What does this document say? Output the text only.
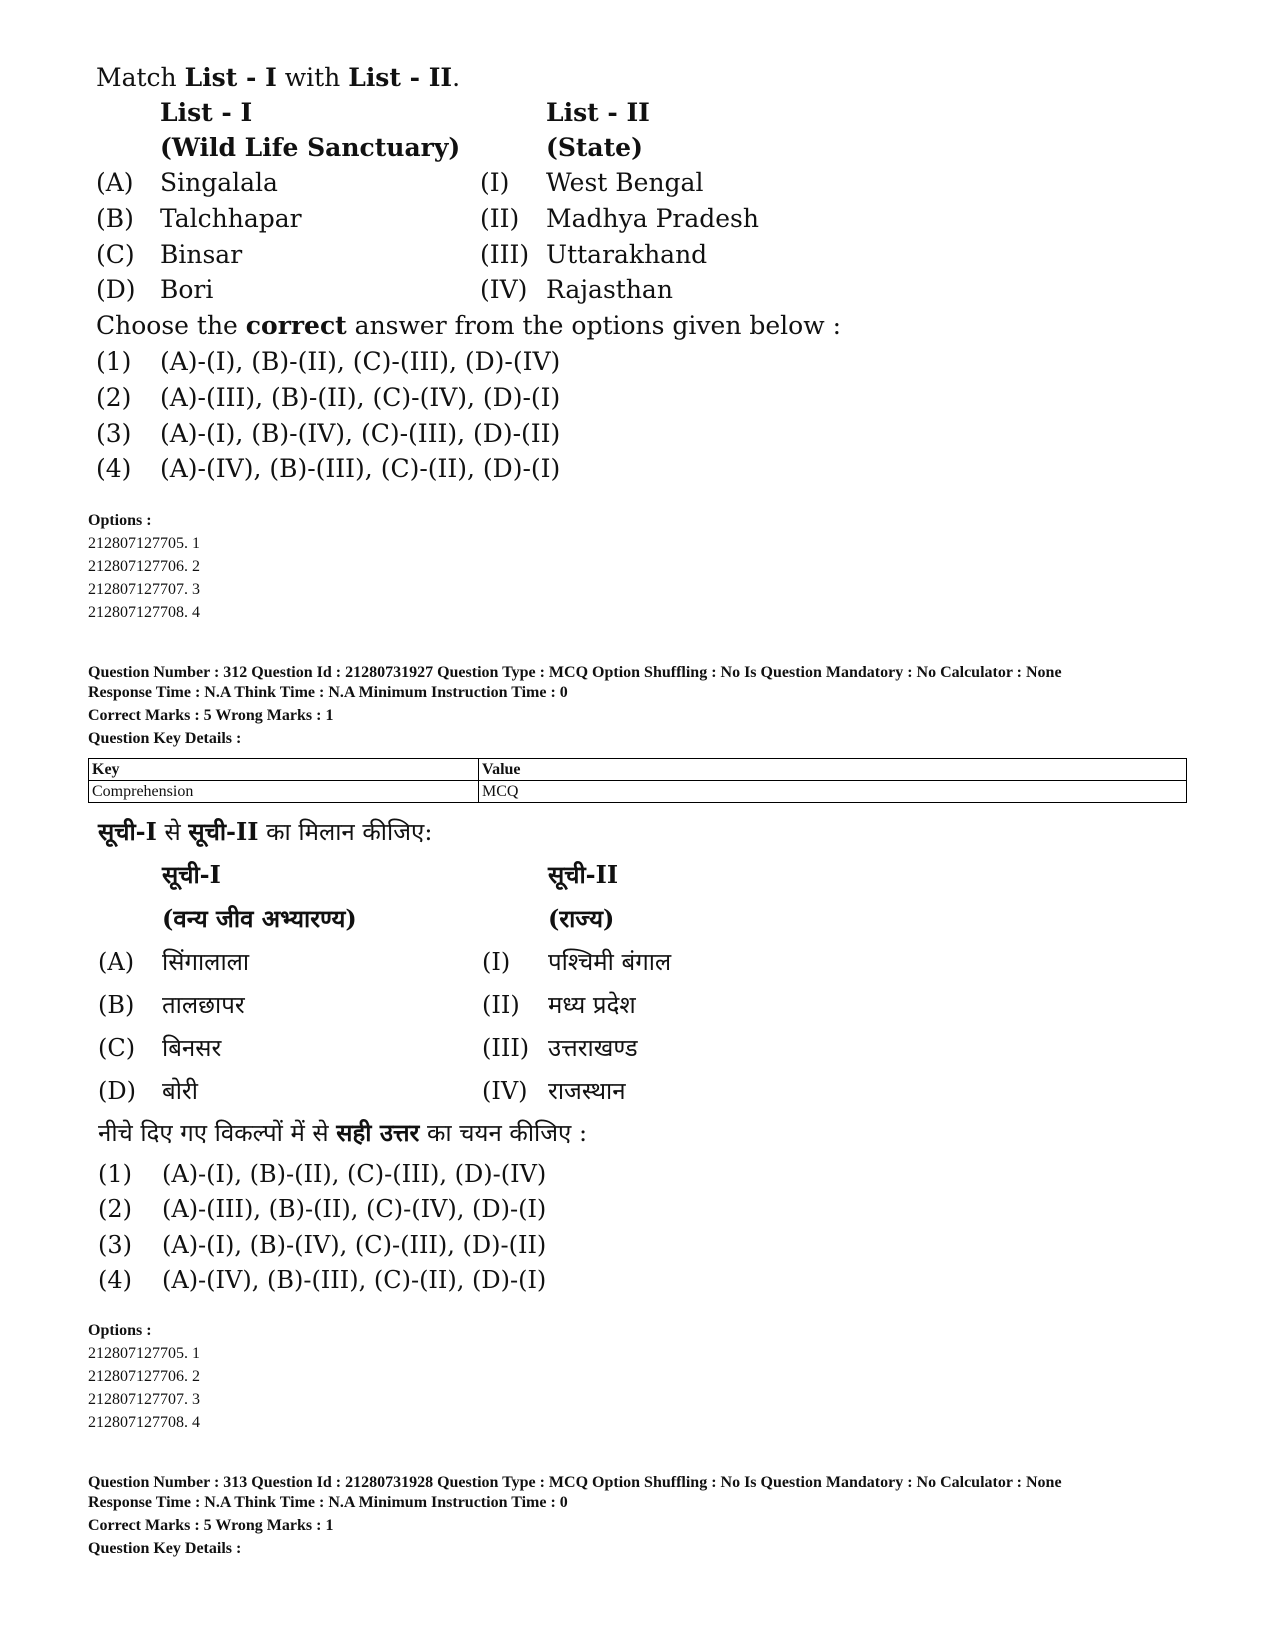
Match List - I with List - II.
List - I	List - II
(Wild Life Sanctuary)	(State)
(A) Singalala	(I) West Bengal
(B) Talchhapar	(II) Madhya Pradesh
(C) Binsar	(III) Uttarakhand
(D) Bori	(IV) Rajasthan
Choose the correct answer from the options given below :
(1) (A)-(I), (B)-(II), (C)-(III), (D)-(IV)
(2) (A)-(III), (B)-(II), (C)-(IV), (D)-(I)
(3) (A)-(I), (B)-(IV), (C)-(III), (D)-(II)
(4) (A)-(IV), (B)-(III), (C)-(II), (D)-(I)
Options :
212807127705. 1
212807127706. 2
212807127707. 3
212807127708. 4
Question Number : 312 Question Id : 21280731927 Question Type : MCQ Option Shuffling : No Is Question Mandatory : No Calculator : None
Response Time : N.A Think Time : N.A Minimum Instruction Time : 0
Correct Marks : 5 Wrong Marks : 1
Question Key Details :
Key	Value
Comprehension	MCQ
सूची-I से सूची-II का मिलान कीजिए:
सूची-I	सूची-II
(वन्य जीव अभ्यारण्य)	(राज्य)
(A) सिंगालाला	(I) पश्चिमी बंगाल
(B) तालछापर	(II) मध्य प्रदेश
(C) बिनसर	(III) उत्तराखण्ड
(D) बोरी	(IV) राजस्थान
नीचे दिए गए विकल्पों में से सही उत्तर का चयन कीजिए :
(1) (A)-(I), (B)-(II), (C)-(III), (D)-(IV)
(2) (A)-(III), (B)-(II), (C)-(IV), (D)-(I)
(3) (A)-(I), (B)-(IV), (C)-(III), (D)-(II)
(4) (A)-(IV), (B)-(III), (C)-(II), (D)-(I)
Options :
212807127705. 1
212807127706. 2
212807127707. 3
212807127708. 4
Question Number : 313 Question Id : 21280731928 Question Type : MCQ Option Shuffling : No Is Question Mandatory : No Calculator : None
Response Time : N.A Think Time : N.A Minimum Instruction Time : 0
Correct Marks : 5 Wrong Marks : 1
Question Key Details :
